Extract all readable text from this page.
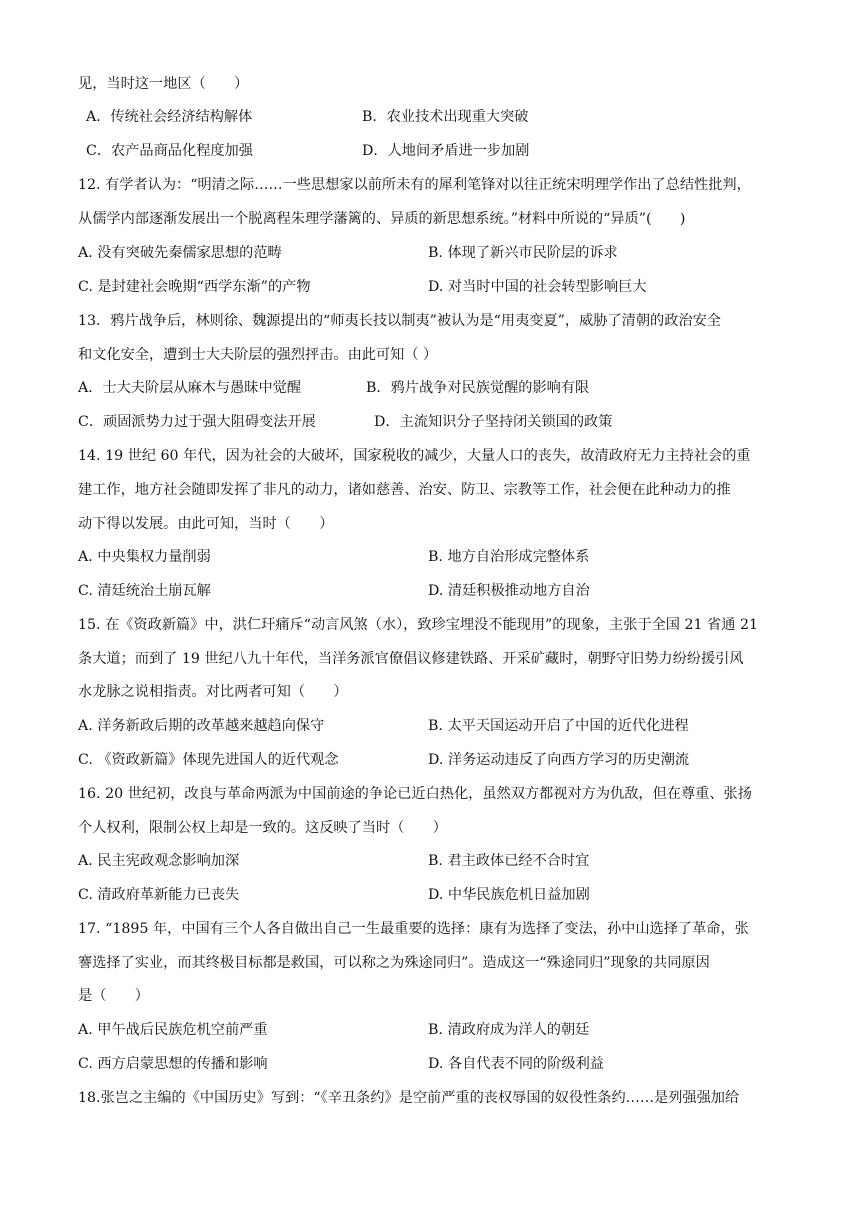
见，当时这一地区（　　）
A．传统社会经济结构解体	B．农业技术出现重大突破
C．农产品商品化程度加强	D．人地间矛盾进一步加剧
12. 有学者认为：“明清之际……一些思想家以前所未有的犀利笔锋对以往正统宋明理学作出了总结性批判，
从儒学内部逐渐发展出一个脱离程朱理学藩篱的、异质的新思想系统。”材料中所说的“异质”(　　)
A. 没有突破先秦儒家思想的范畴	B. 体现了新兴市民阶层的诉求
C. 是封建社会晚期“西学东渐”的产物	D. 对当时中国的社会转型影响巨大
13．鸦片战争后，林则徐、魏源提出的“师夷长技以制夷”被认为是“用夷变夏”，威胁了清朝的政治安全
和文化安全，遭到士大夫阶层的强烈抨击。由此可知（ ）
A．士大夫阶层从麻木与愚昧中觉醒	B．鸦片战争对民族觉醒的影响有限
C．顽固派势力过于强大阻碍变法开展	D．主流知识分子坚持闭关锁国的政策
14. 19 世纪 60 年代，因为社会的大破坏，国家税收的减少，大量人口的丧失，故清政府无力主持社会的重
建工作，地方社会随即发挥了非凡的动力，诸如慈善、治安、防卫、宗教等工作，社会便在此种动力的推
动下得以发展。由此可知，当时（　　）
A. 中央集权力量削弱	B. 地方自治形成完整体系
C. 清廷统治土崩瓦解	D. 清廷积极推动地方自治
15. 在《资政新篇》中，洪仁玕痛斥“动言风煞（水），致珍宝埋没不能现用”的现象，主张于全国 21 省通 21
条大道；而到了 19 世纪八九十年代，当洋务派官僚倡议修建铁路、开采矿藏时，朝野守旧势力纷纷援引风
水龙脉之说相指责。对比两者可知（　　）
A. 洋务新政后期的改革越来越趋向保守	B. 太平天国运动开启了中国的近代化进程
C. 《资政新篇》体现先进国人的近代观念	D. 洋务运动违反了向西方学习的历史潮流
16. 20 世纪初，改良与革命两派为中国前途的争论已近白热化，虽然双方都视对方为仇敌，但在尊重、张扬
个人权利，限制公权上却是一致的。这反映了当时（　　）
A. 民主宪政观念影响加深	B. 君主政体已经不合时宜
C. 清政府革新能力已丧失	D. 中华民族危机日益加剧
17. “1895 年，中国有三个人各自做出自己一生最重要的选择：康有为选择了变法，孙中山选择了革命，张
謇选择了实业，而其终极目标都是救国，可以称之为殊途同归”。造成这一“殊途同归”现象的共同原因
是（　　）
A. 甲午战后民族危机空前严重	B. 清政府成为洋人的朝廷
C. 西方启蒙思想的传播和影响	D. 各自代表不同的阶级利益
18.张岂之主编的《中国历史》写到：“《辛丑条约》是空前严重的丧权辱国的奴役性条约……是列强强加给
